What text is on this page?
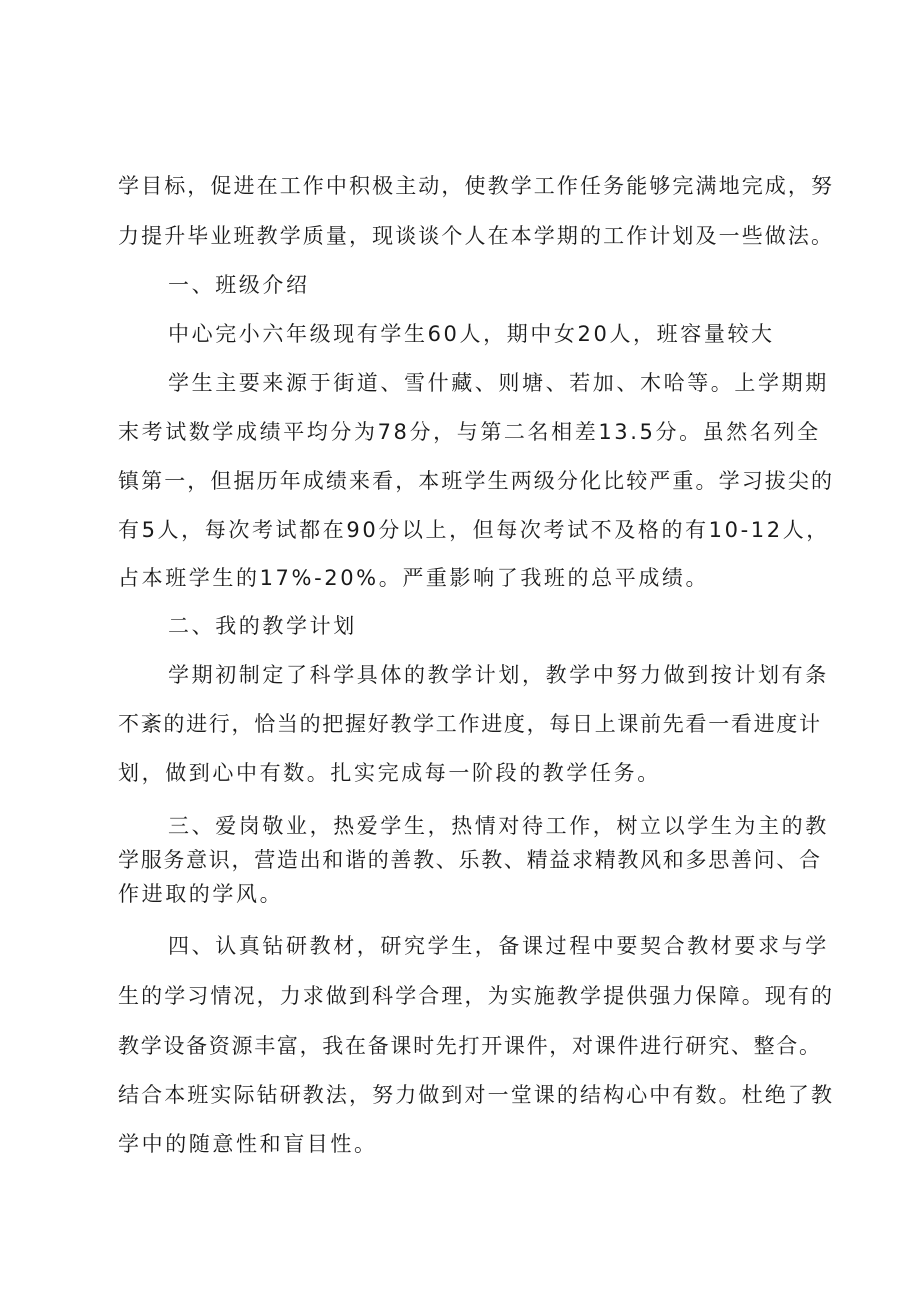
学目标，促进在工作中积极主动，使教学工作任务能够完满地完成，努
力提升毕业班教学质量，现谈谈个人在本学期的工作计划及一些做法。
一、班级介绍
中心完小六年级现有学生60人，期中女20人，班容量较大
学生主要来源于街道、雪什藏、则塘、若加、木哈等。上学期期
末考试数学成绩平均分为78分，与第二名相差13.5分。虽然名列全
镇第一，但据历年成绩来看，本班学生两级分化比较严重。学习拔尖的
有5人，每次考试都在90分以上，但每次考试不及格的有10-12人，
占本班学生的17%-20%。严重影响了我班的总平成绩。
二、我的教学计划
学期初制定了科学具体的教学计划，教学中努力做到按计划有条
不紊的进行，恰当的把握好教学工作进度，每日上课前先看一看进度计
划，做到心中有数。扎实完成每一阶段的教学任务。
三、爱岗敬业，热爱学生，热情对待工作，树立以学生为主的教
学服务意识，营造出和谐的善教、乐教、精益求精教风和多思善问、合
作进取的学风。
四、认真钻研教材，研究学生，备课过程中要契合教材要求与学
生的学习情况，力求做到科学合理，为实施教学提供强力保障。现有的
教学设备资源丰富，我在备课时先打开课件，对课件进行研究、整合。
结合本班实际钻研教法，努力做到对一堂课的结构心中有数。杜绝了教
学中的随意性和盲目性。
